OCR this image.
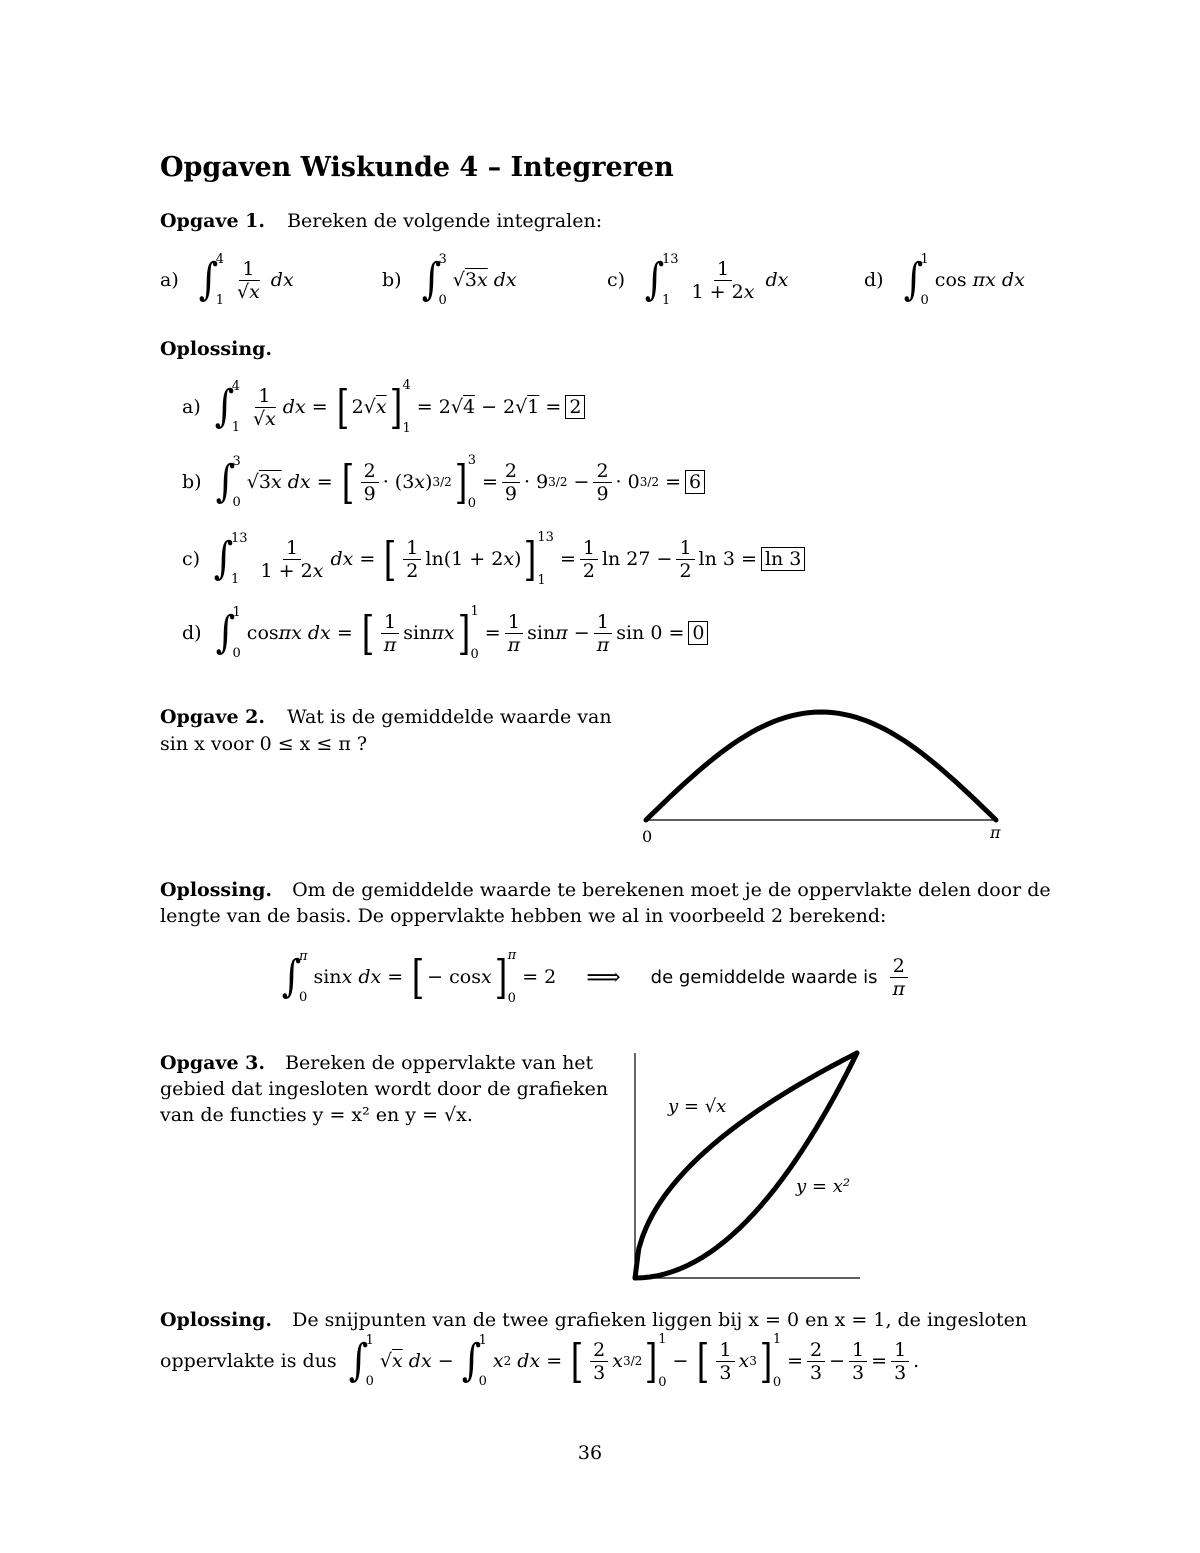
Opgaven Wiskunde 4 – Integreren
Opgave 1. Bereken de volgende integralen:
a) ∫
4
$1 \frac{1}{√x}$ dx	b) ∫
3
0
√3x dx	c) ∫
13
$1 \frac{1}{1 + 2x}$ dx	d) ∫
1
0
cos πx dx
Oplossing.
a) ∫
4
$1 \frac{1}{√x}$ dx = [ 2√ x ] 4
1
= 2√ 4 − 2√ 1 = 2
b) ∫
3
0
√ 3x
dx = [ $\frac{2}{9} \cdot (3$ x ) 3/2 ] 3
0
= $\frac{2}{9} \cdot 9$ $3/2 - \frac{2}{9} \cdot 0$ 3/2 = 6
c) ∫
13
$1 \frac{1}{1 + 2x}$ dx = [ $\frac{1}{2} \ln(1 + 2$ x ) ] 13
1
= $\frac{1}{2}$ $\ln 27 - \frac{1}{2}$ ln 3 = ln 3
d) ∫
1
0
cos πx
dx = [ $\frac{1}{\pi}$ sin πx ] 1
0
= $\frac{1}{\pi}$ $\sin \pi - \frac{1}{\pi}$ sin 0 = 0
Opgave 2. Wat is de gemiddelde waarde van
sin x voor 0 ≤ x ≤ π ?
0	π
Oplossing. Om de gemiddelde waarde te berekenen moet je de oppervlakte delen door de
lengte van de basis. De oppervlakte hebben we al in voorbeeld 2 berekend:
∫
π
0
sin x
dx = [ − cos x ] π
0
= 2 ⟹ de gemiddelde waarde is $\frac{2}{\pi}$
Opgave 3. Bereken de oppervlakte van het
gebied dat ingesloten wordt door de grafieken
van de functies y = x² en y = √x.	y = √x
y = x²
Oplossing. De snijpunten van de twee grafieken liggen bij x = 0 en x = 1, de ingesloten
oppervlakte is dus ∫
1
0
√ x
dx − ∫
1
0
x 2
dx = [ $\frac{2}{3}$ x 3/2 ] 1
0
− [ $\frac{1}{3}$ x 3 ] 1
0
= $\frac{2}{3} - \frac{1}{3} = \frac{1}{3}$ .
36
